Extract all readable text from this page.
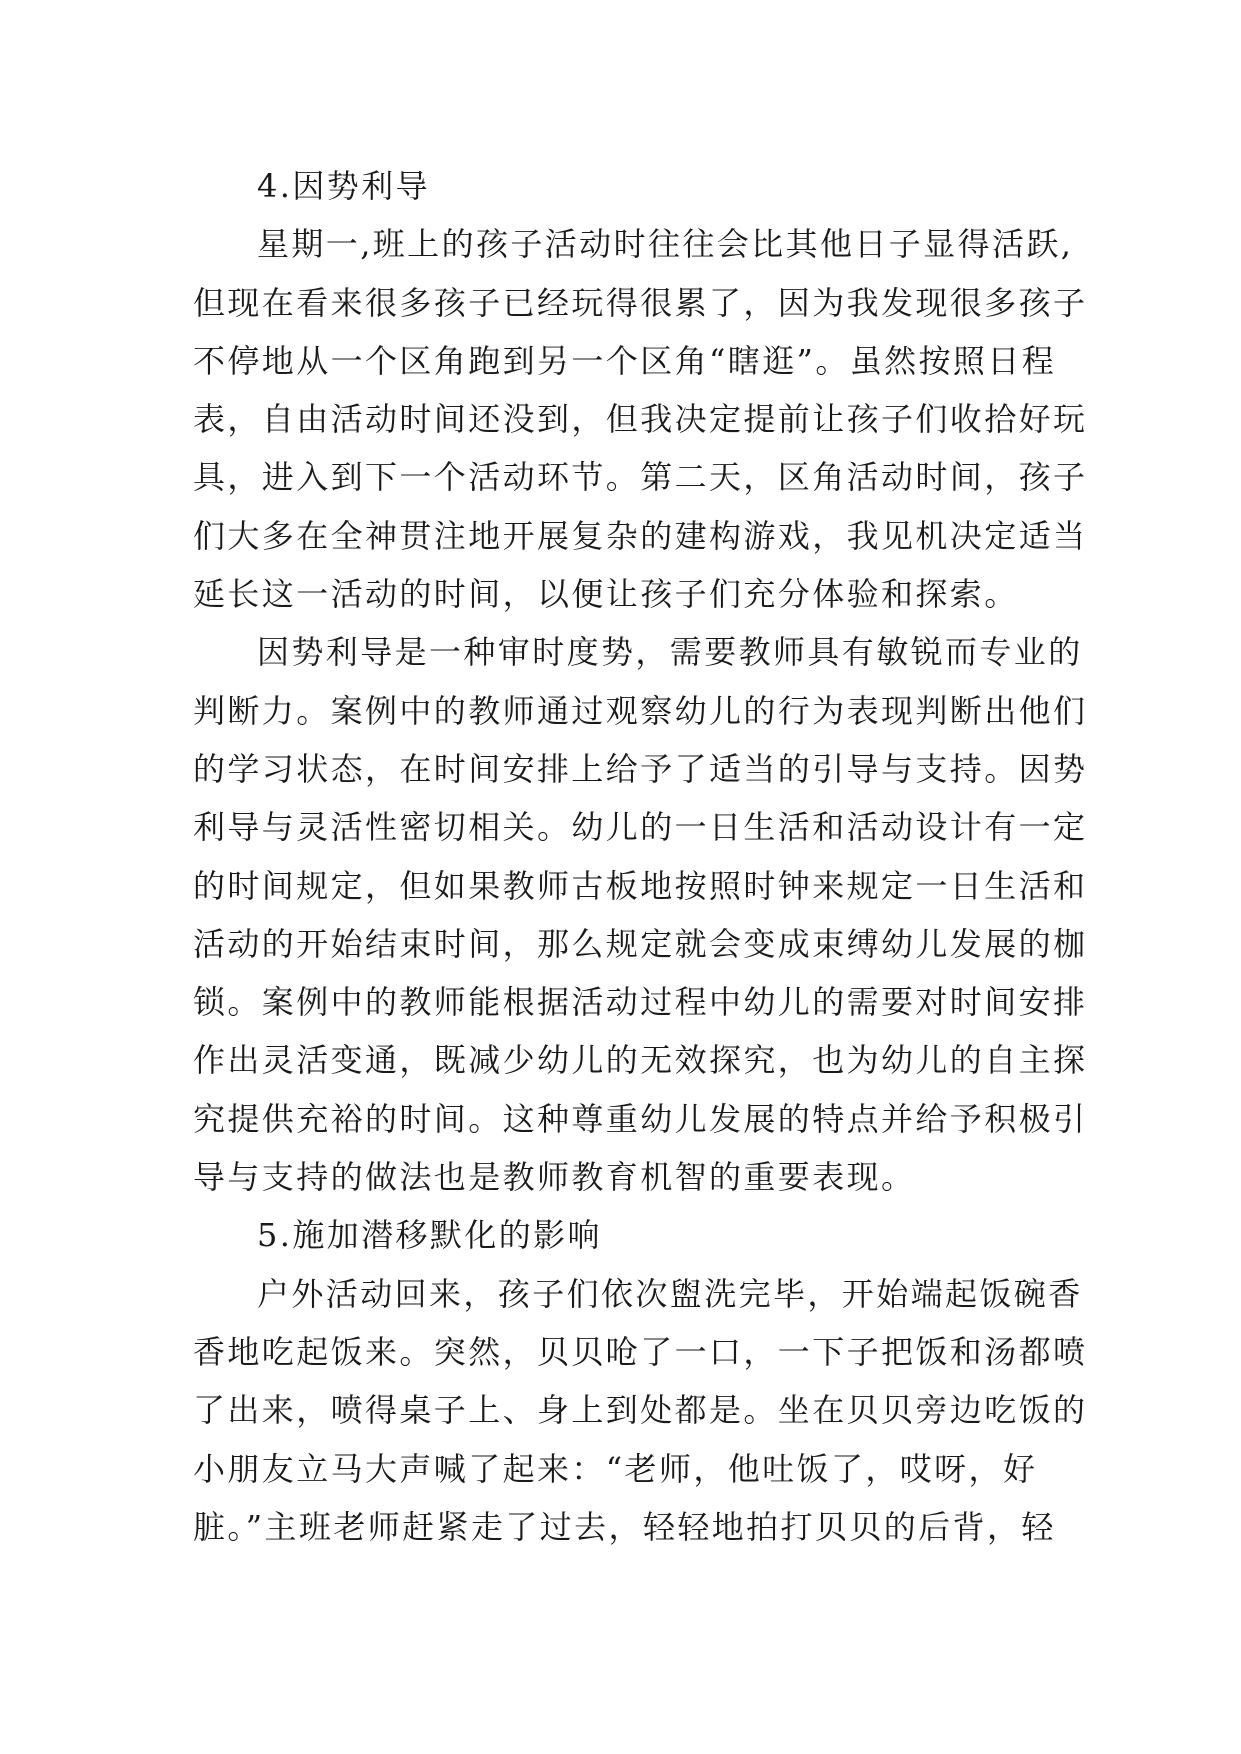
4.因势利导
星期一,班上的孩子活动时往往会比其他日子显得活跃,
但现在看来很多孩子已经玩得很累了，因为我发现很多孩子
不停地从一个区角跑到另一个区角“瞎逛”。虽然按照日程
表，自由活动时间还没到，但我决定提前让孩子们收拾好玩
具，进入到下一个活动环节。第二天，区角活动时间，孩子
们大多在全神贯注地开展复杂的建构游戏，我见机决定适当
延长这一活动的时间，以便让孩子们充分体验和探索。
因势利导是一种审时度势，需要教师具有敏锐而专业的
判断力。案例中的教师通过观察幼儿的行为表现判断出他们
的学习状态，在时间安排上给予了适当的引导与支持。因势
利导与灵活性密切相关。幼儿的一日生活和活动设计有一定
的时间规定，但如果教师古板地按照时钟来规定一日生活和
活动的开始结束时间，那么规定就会变成束缚幼儿发展的枷
锁。案例中的教师能根据活动过程中幼儿的需要对时间安排
作出灵活变通，既减少幼儿的无效探究，也为幼儿的自主探
究提供充裕的时间。这种尊重幼儿发展的特点并给予积极引
导与支持的做法也是教师教育机智的重要表现。
5.施加潜移默化的影响
户外活动回来，孩子们依次盥洗完毕，开始端起饭碗香
香地吃起饭来。突然，贝贝呛了一口，一下子把饭和汤都喷
了出来，喷得桌子上、身上到处都是。坐在贝贝旁边吃饭的
小朋友立马大声喊了起来：“老师，他吐饭了，哎呀，好
脏。”主班老师赶紧走了过去，轻轻地拍打贝贝的后背，轻
